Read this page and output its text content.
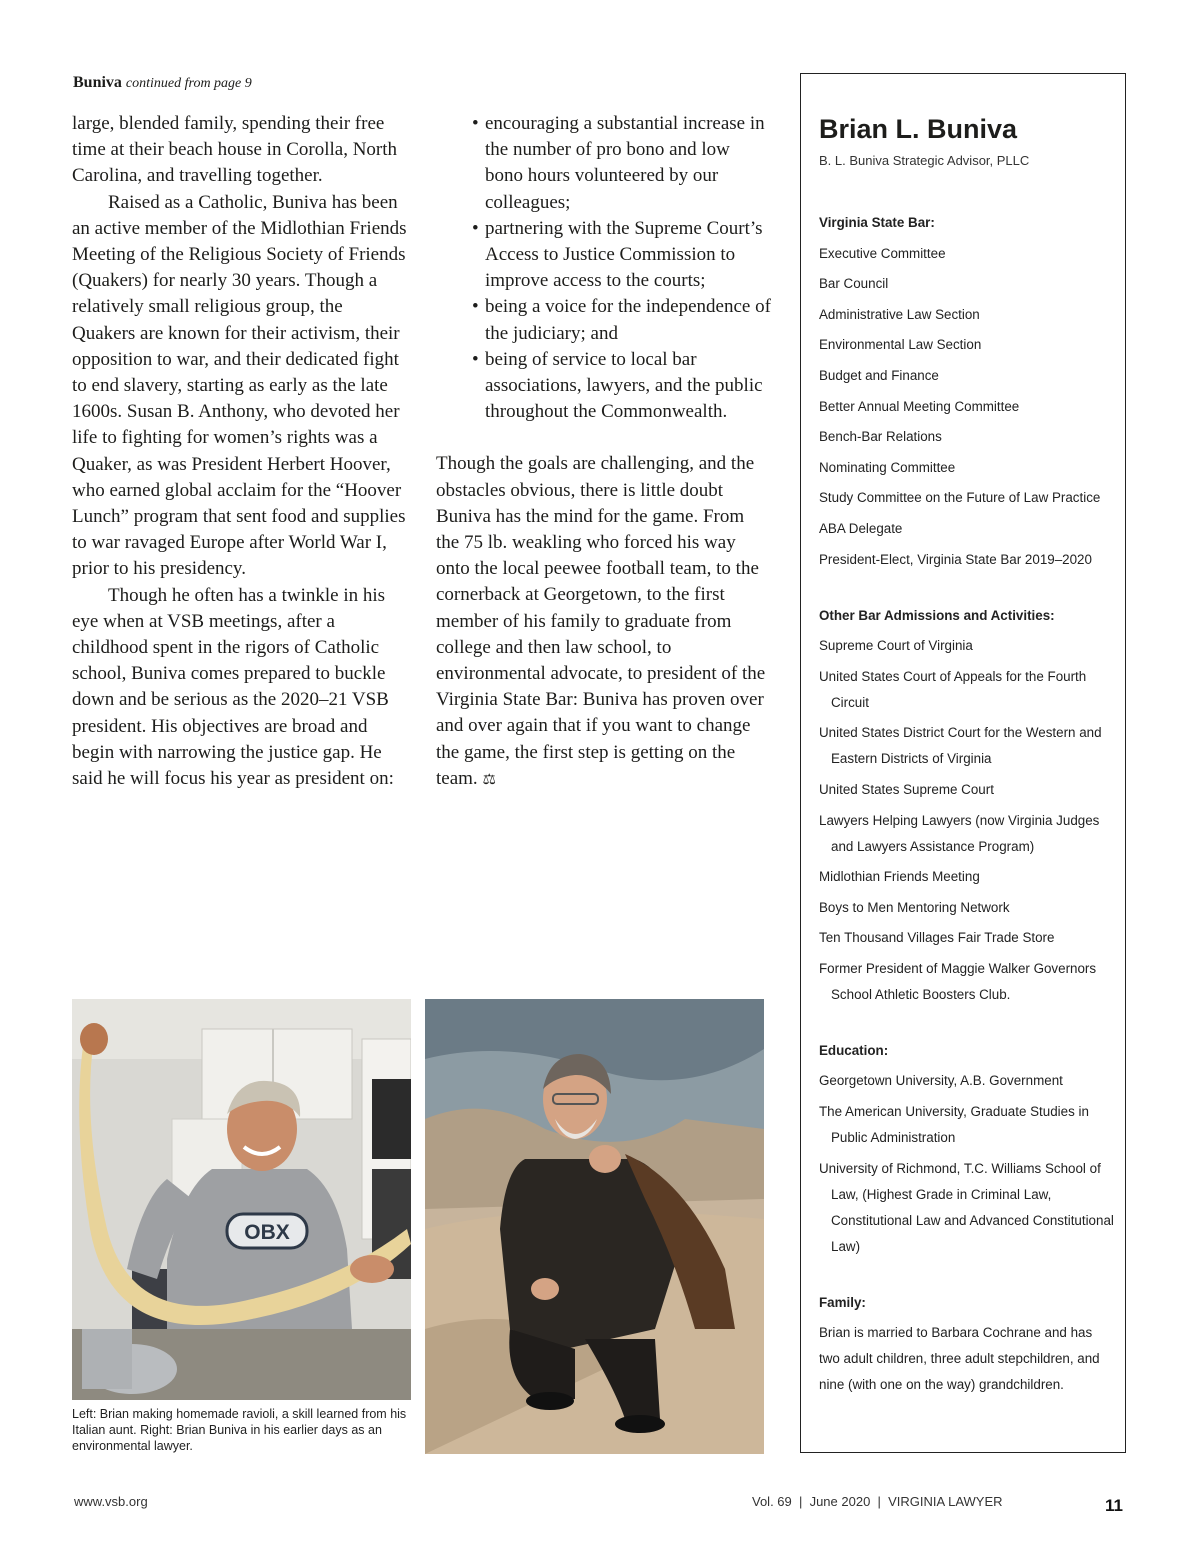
Buniva continued from page 9

large, blended family, spending their free time at their beach house in Corolla, North Carolina, and travelling together.

Raised as a Catholic, Buniva has been an active member of the Midlothian Friends Meeting of the Religious Society of Friends (Quakers) for nearly 30 years. Though a relatively small religious group, the Quakers are known for their activism, their opposition to war, and their dedicated fight to end slavery, starting as early as the late 1600s. Susan B. Anthony, who devoted her life to fighting for women’s rights was a Quaker, as was President Herbert Hoover, who earned global acclaim for the “Hoover Lunch” program that sent food and supplies to war ravaged Europe after World War I, prior to his presidency.

Though he often has a twinkle in his eye when at VSB meetings, after a childhood spent in the rigors of Catholic school, Buniva comes prepared to buckle down and be serious as the 2020–21 VSB president. His objectives are broad and begin with narrowing the justice gap. He said he will focus his year as president on:

• encouraging a substantial increase in the number of pro bono and low bono hours volunteered by our colleagues;
• partnering with the Supreme Court’s Access to Justice Commission to improve access to the courts;
• being a voice for the independence of the judiciary; and
• being of service to local bar associations, lawyers, and the public throughout the Commonwealth.

Though the goals are challenging, and the obstacles obvious, there is little doubt Buniva has the mind for the game. From the 75 lb. weakling who forced his way onto the local peewee football team, to the cornerback at Georgetown, to the first member of his family to graduate from college and then law school, to environmental advocate, to president of the Virginia State Bar: Buniva has proven over and over again that if you want to change the game, the first step is getting on the team. ⚖

Brian L. Buniva
B. L. Buniva Strategic Advisor, PLLC
Virginia State Bar:
Executive Committee
Bar Council
Administrative Law Section
Environmental Law Section
Budget and Finance
Better Annual Meeting Committee
Bench-Bar Relations
Nominating Committee
Study Committee on the Future of Law Practice
ABA Delegate
President-Elect, Virginia State Bar 2019–2020
Other Bar Admissions and Activities:
Supreme Court of Virginia
United States Court of Appeals for the Fourth Circuit
United States District Court for the Western and Eastern Districts of Virginia
United States Supreme Court
Lawyers Helping Lawyers (now Virginia Judges and Lawyers Assistance Program)
Midlothian Friends Meeting
Boys to Men Mentoring Network
Ten Thousand Villages Fair Trade Store
Former President of Maggie Walker Governors School Athletic Boosters Club.
Education:
Georgetown University, A.B. Government
The American University, Graduate Studies in Public Administration
University of Richmond, T.C. Williams School of Law, (Highest Grade in Criminal Law, Constitutional Law and Advanced Constitutional Law)
Family:
Brian is married to Barbara Cochrane and has two adult children, three adult stepchildren, and nine (with one on the way) grandchildren.
OBX
Left: Brian making homemade ravioli, a skill learned from his Italian aunt. Right: Brian Buniva in his earlier days as an environmental lawyer.
www.vsb.org	Vol. 69  |  June 2020  |  VIRGINIA LAWYER	11
